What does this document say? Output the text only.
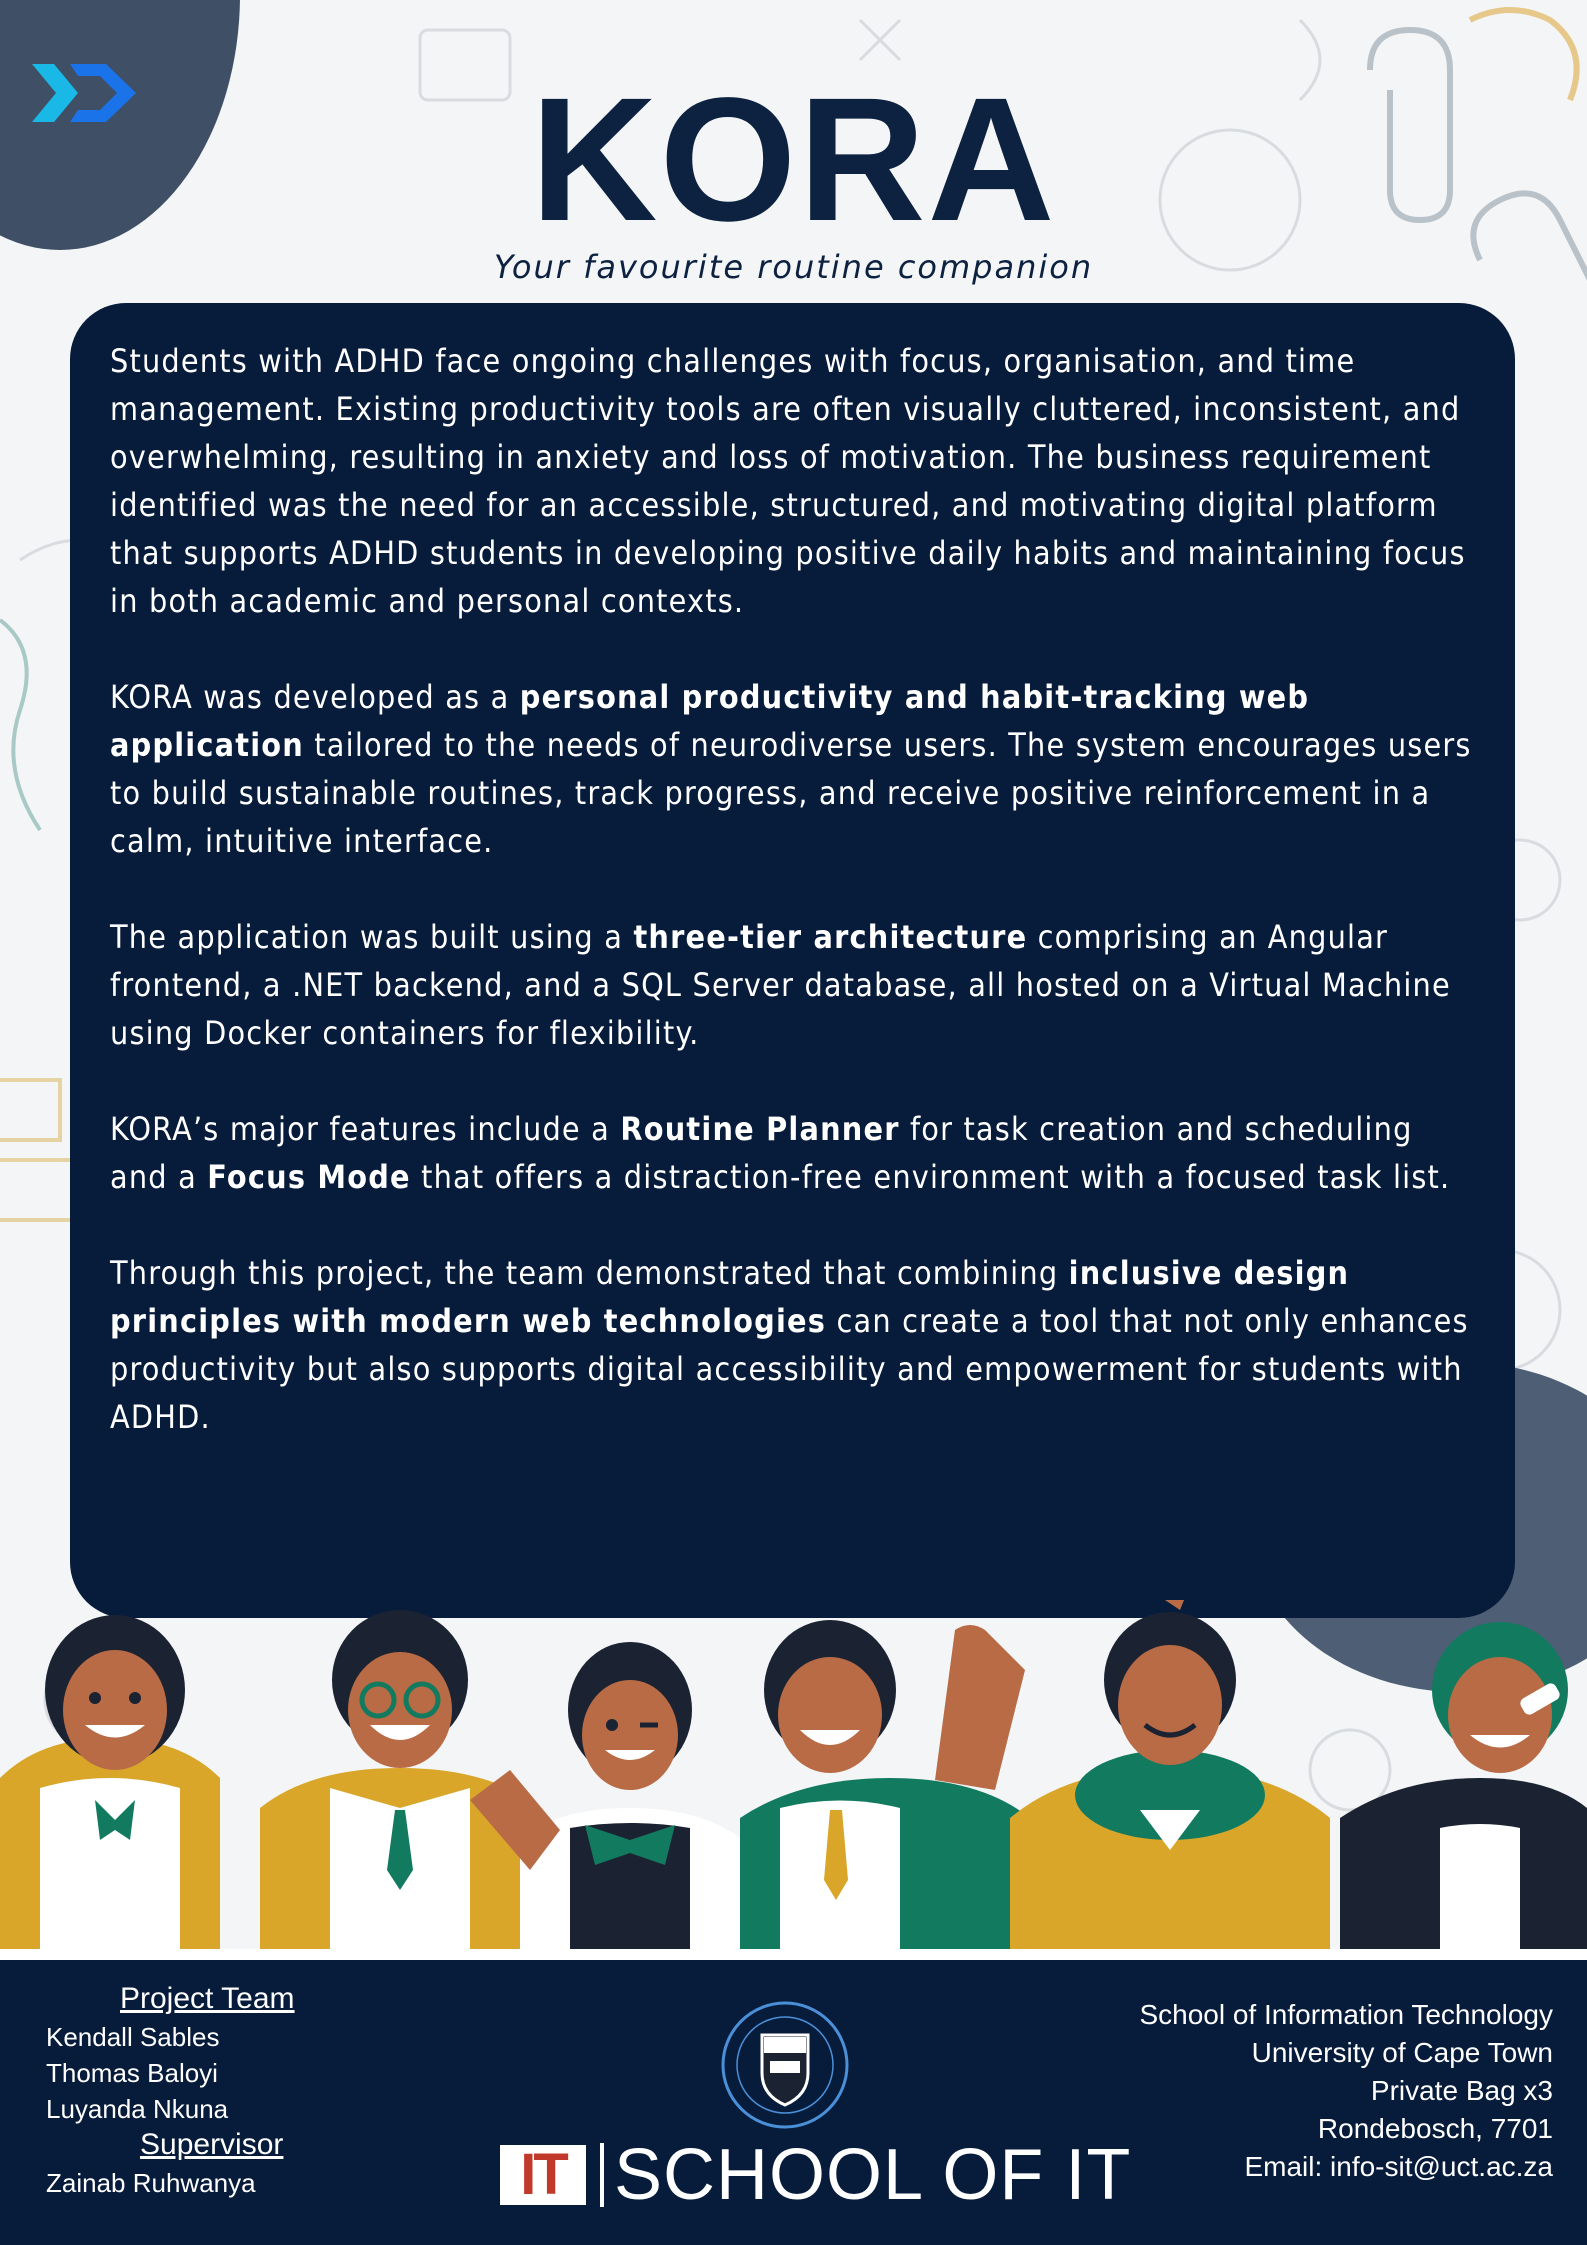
KORA
Your favourite routine companion

Students with ADHD face ongoing challenges with focus, organisation, and time management. Existing productivity tools are often visually cluttered, inconsistent, and overwhelming, resulting in anxiety and loss of motivation. The business requirement identified was the need for an accessible, structured, and motivating digital platform that supports ADHD students in developing positive daily habits and maintaining focus in both academic and personal contexts.

KORA was developed as a personal productivity and habit-tracking web application tailored to the needs of neurodiverse users. The system encourages users to build sustainable routines, track progress, and receive positive reinforcement in a calm, intuitive interface.

The application was built using a three-tier architecture comprising an Angular frontend, a .NET backend, and a SQL Server database, all hosted on a Virtual Machine using Docker containers for flexibility.

KORA’s major features include a Routine Planner for task creation and scheduling and a Focus Mode that offers a distraction-free environment with a focused task list.

Through this project, the team demonstrated that combining inclusive design principles with modern web technologies can create a tool that not only enhances productivity but also supports digital accessibility and empowerment for students with ADHD.

Project Team
Kendall Sables
Thomas Baloyi
Luyanda Nkuna
Supervisor
Zainab Ruhwanya	IT SCHOOL OF IT
School of Information Technology
University of Cape Town
Private Bag x3
Rondebosch, 7701
Email: info-sit@uct.ac.za
